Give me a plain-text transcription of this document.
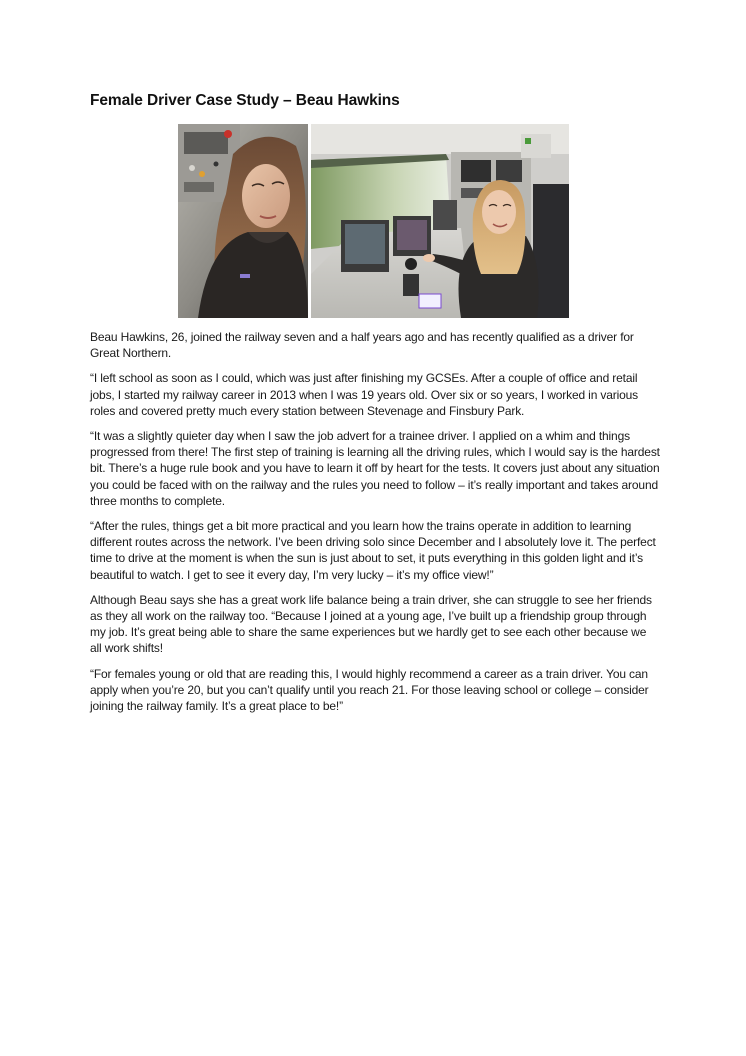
Female Driver Case Study – Beau Hawkins

Beau Hawkins, 26, joined the railway seven and a half years ago and has recently qualified as a driver for Great Northern.

“I left school as soon as I could, which was just after finishing my GCSEs. After a couple of office and retail jobs, I started my railway career in 2013 when I was 19 years old. Over six or so years, I worked in various roles and covered pretty much every station between Stevenage and Finsbury Park.

“It was a slightly quieter day when I saw the job advert for a trainee driver. I applied on a whim and things progressed from there! The first step of training is learning all the driving rules, which I would say is the hardest bit. There’s a huge rule book and you have to learn it off by heart for the tests. It covers just about any situation you could be faced with on the railway and the rules you need to follow – it’s really important and takes around three months to complete.

“After the rules, things get a bit more practical and you learn how the trains operate in addition to learning different routes across the network. I’ve been driving solo since December and I absolutely love it. The perfect time to drive at the moment is when the sun is just about to set, it puts everything in this golden light and it’s beautiful to watch. I get to see it every day, I’m very lucky – it’s my office view!”

Although Beau says she has a great work life balance being a train driver, she can struggle to see her friends as they all work on the railway too. “Because I joined at a young age, I’ve built up a friendship group through my job. It’s great being able to share the same experiences but we hardly get to see each other because we all work shifts!

“For females young or old that are reading this, I would highly recommend a career as a train driver. You can apply when you’re 20, but you can’t qualify until you reach 21. For those leaving school or college – consider joining the railway family. It’s a great place to be!”
